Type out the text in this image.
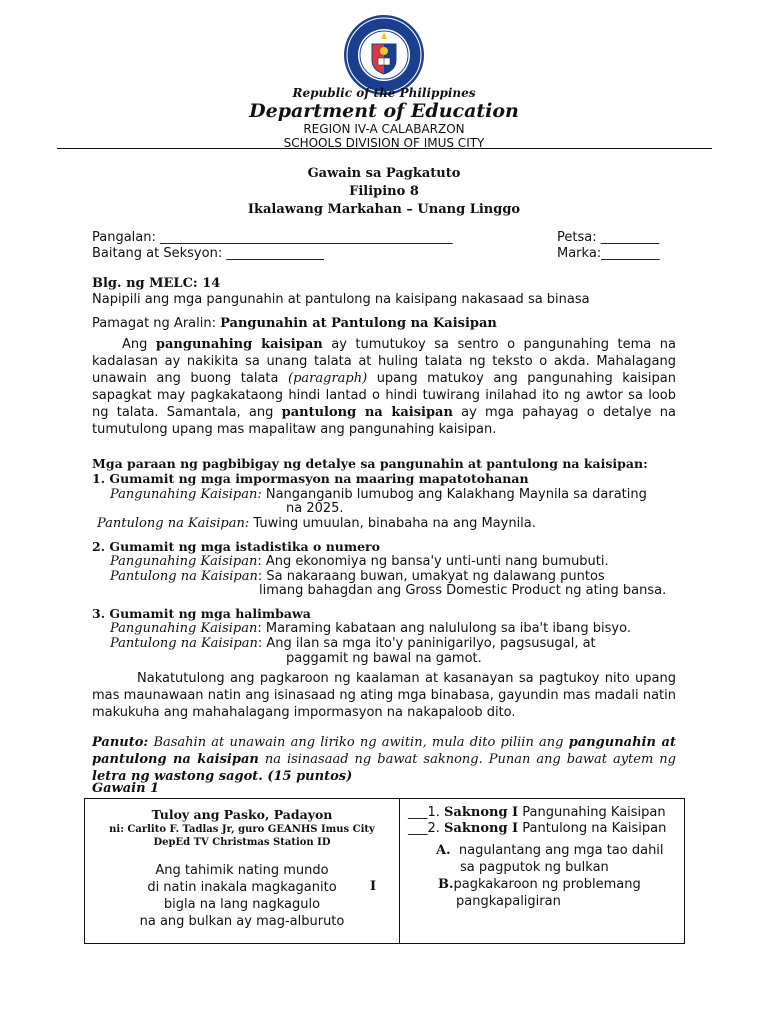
Republic of the Philippines
Department of Education
REGION IV-A CALABARZON
SCHOOLS DIVISION OF IMUS CITY
Gawain sa Pagkatuto
Filipino 8
Ikalawang Markahan – Unang Linggo
Pangalan: _____________________________________________	Petsa: _________
Baitang at Seksyon: _______________	Marka:_________
Blg. ng MELC: 14
Napipili ang mga pangunahin at pantulong na kaisipang nakasaad sa binasa
Pamagat ng Aralin: Pangunahin at Pantulong na Kaisipan
Ang pangunahing kaisipan ay tumutukoy sa sentro o pangunahing tema na kadalasan ay nakikita sa unang talata at huling talata ng teksto o akda. Mahalagang unawain ang buong talata (paragraph) upang matukoy ang pangunahing kaisipan sapagkat may pagkakataong hindi lantad o hindi tuwirang inilahad ito ng awtor sa loob ng talata. Samantala, ang pantulong na kaisipan ay mga pahayag o detalye na tumutulong upang mas mapalitaw ang pangunahing kaisipan.
Mga paraan ng pagbibigay ng detalye sa pangunahin at pantulong na kaisipan:
1. Gumamit ng mga impormasyon na maaring mapatotohanan
Pangunahing Kaisipan: Nanganganib lumubog ang Kalakhang Maynila sa darating
na 2025.
Pantulong na Kaisipan: Tuwing umuulan, binabaha na ang Maynila.
2. Gumamit ng mga istadistika o numero
Pangunahing Kaisipan: Ang ekonomiya ng bansa'y unti-unti nang bumubuti.
Pantulong na Kaisipan: Sa nakaraang buwan, umakyat ng dalawang puntos
limang bahagdan ang Gross Domestic Product ng ating bansa.
3. Gumamit ng mga halimbawa
Pangunahing Kaisipan: Maraming kabataan ang nalululong sa iba't ibang bisyo.
Pantulong na Kaisipan: Ang ilan sa mga ito'y paninigarilyo, pagsusugal, at
paggamit ng bawal na gamot.
Nakatutulong ang pagkaroon ng kaalaman at kasanayan sa pagtukoy nito upang mas maunawaan natin ang isinasaad ng ating mga binabasa, gayundin mas madali natin makukuha ang mahahalagang impormasyon na nakapaloob dito.
Panuto: Basahin at unawain ang liriko ng awitin, mula dito piliin ang pangunahin at pantulong na kaisipan na isinasaad ng bawat saknong. Punan ang bawat aytem ng letra ng wastong sagot. (15 puntos)
Gawain 1
Tuloy ang Pasko, Padayon
ni: Carlito F. Tadlas Jr, guro GEANHS Imus City
DepEd TV Christmas Station ID
Ang tahimik nating mundo
di natin inakala magkaganito
bigla na lang nagkagulo
na ang bulkan ay mag-alburuto
I

___1. Saknong I Pangunahing Kaisipan
___2. Saknong I Pantulong na Kaisipan
A. nagulantang ang mga tao dahil
sa pagputok ng bulkan
B.pagkakaroon ng problemang
pangkapaligiran
